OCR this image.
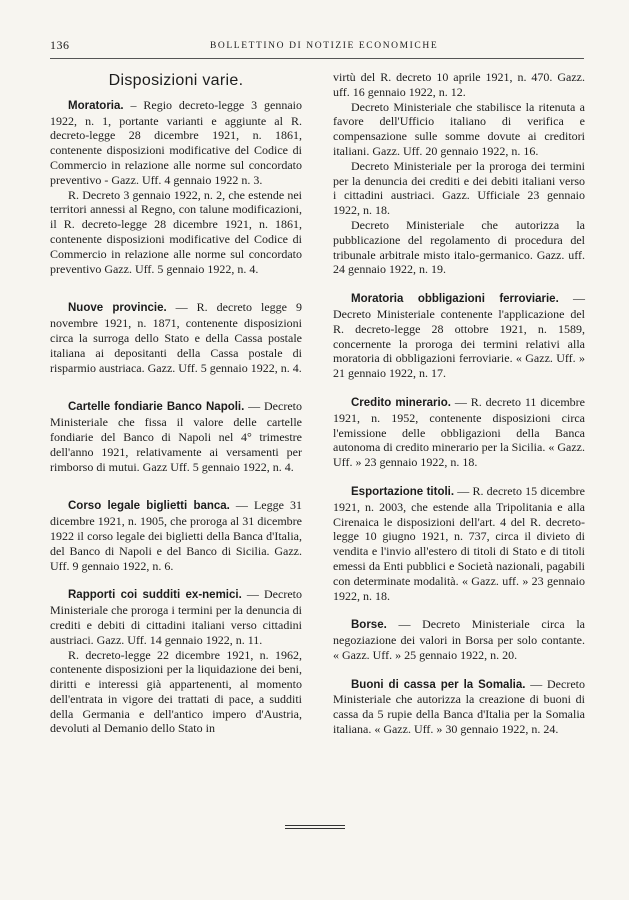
136	BOLLETTINO DI NOTIZIE ECONOMICHE
Disposizioni varie.

Moratoria. – Regio decreto-legge 3 gennaio 1922, n. 1, portante varianti e aggiunte al R. decreto-legge 28 dicembre 1921, n. 1861, contenente disposizioni modificative del Codice di Commercio in relazione alle norme sul concordato preventivo - Gazz. Uff. 4 gennaio 1922 n. 3.

R. Decreto 3 gennaio 1922, n. 2, che estende nei territori annessi al Regno, con talune modificazioni, il R. decreto-legge 28 dicembre 1921, n. 1861, contenente disposizioni modificative del Codice di Commercio in relazione alle norme sul concordato preventivo Gazz. Uff. 5 gennaio 1922, n. 4.

Nuove provincie. — R. decreto legge 9 novembre 1921, n. 1871, contenente disposizioni circa la surroga dello Stato e della Cassa postale italiana ai depositanti della Cassa postale di risparmio austriaca. Gazz. Uff. 5 gennaio 1922, n. 4.

Cartelle fondiarie Banco Napoli. — Decreto Ministeriale che fissa il valore delle cartelle fondiarie del Banco di Napoli nel 4° trimestre dell'anno 1921, relativamente ai versamenti per rimborso di mutui. Gazz Uff. 5 gennaio 1922, n. 4.

Corso legale biglietti banca. — Legge 31 dicembre 1921, n. 1905, che proroga al 31 dicembre 1922 il corso legale dei biglietti della Banca d'Italia, del Banco di Napoli e del Banco di Sicilia. Gazz. Uff. 9 gennaio 1922, n. 6.

Rapporti coi sudditi ex-nemici. — Decreto Ministeriale che proroga i termini per la denuncia di crediti e debiti di cittadini italiani verso cittadini austriaci. Gazz. Uff. 14 gennaio 1922, n. 11.

R. decreto-legge 22 dicembre 1921, n. 1962, contenente disposizioni per la liquidazione dei beni, diritti e interessi già appartenenti, al momento dell'entrata in vigore dei trattati di pace, a sudditi della Germania e dell'antico impero d'Austria, devoluti al Demanio dello Stato in

virtù del R. decreto 10 aprile 1921, n. 470. Gazz. uff. 16 gennaio 1922, n. 12.

Decreto Ministeriale che stabilisce la ritenuta a favore dell'Ufficio italiano di verifica e compensazione sulle somme dovute ai creditori italiani. Gazz. Uff. 20 gennaio 1922, n. 16.

Decreto Ministeriale per la proroga dei termini per la denuncia dei crediti e dei debiti italiani verso i cittadini austriaci. Gazz. Ufficiale 23 gennaio 1922, n. 18.

Decreto Ministeriale che autorizza la pubblicazione del regolamento di procedura del tribunale arbitrale misto italo-germanico. Gazz. uff. 24 gennaio 1922, n. 19.

Moratoria obbligazioni ferroviarie. — Decreto Ministeriale contenente l'applicazione del R. decreto-legge 28 ottobre 1921, n. 1589, concernente la proroga dei termini relativi alla moratoria di obbligazioni ferroviarie. « Gazz. Uff. » 21 gennaio 1922, n. 17.

Credito minerario. — R. decreto 11 dicembre 1921, n. 1952, contenente disposizioni circa l'emissione delle obbligazioni della Banca autonoma di credito minerario per la Sicilia. « Gazz. Uff. » 23 gennaio 1922, n. 18.

Esportazione titoli. — R. decreto 15 dicembre 1921, n. 2003, che estende alla Tripolitania e alla Cirenaica le disposizioni dell'art. 4 del R. decreto-legge 10 giugno 1921, n. 737, circa il divieto di vendita e l'invio all'estero di titoli di Stato e di titoli emessi da Enti pubblici e Società nazionali, pagabili con determinate modalità. « Gazz. uff. » 23 gennaio 1922, n. 18.

Borse. — Decreto Ministeriale circa la negoziazione dei valori in Borsa per solo contante. « Gazz. Uff. » 25 gennaio 1922, n. 20.

Buoni di cassa per la Somalia. — Decreto Ministeriale che autorizza la creazione di buoni di cassa da 5 rupie della Banca d'Italia per la Somalia italiana. « Gazz. Uff. » 30 gennaio 1922, n. 24.
